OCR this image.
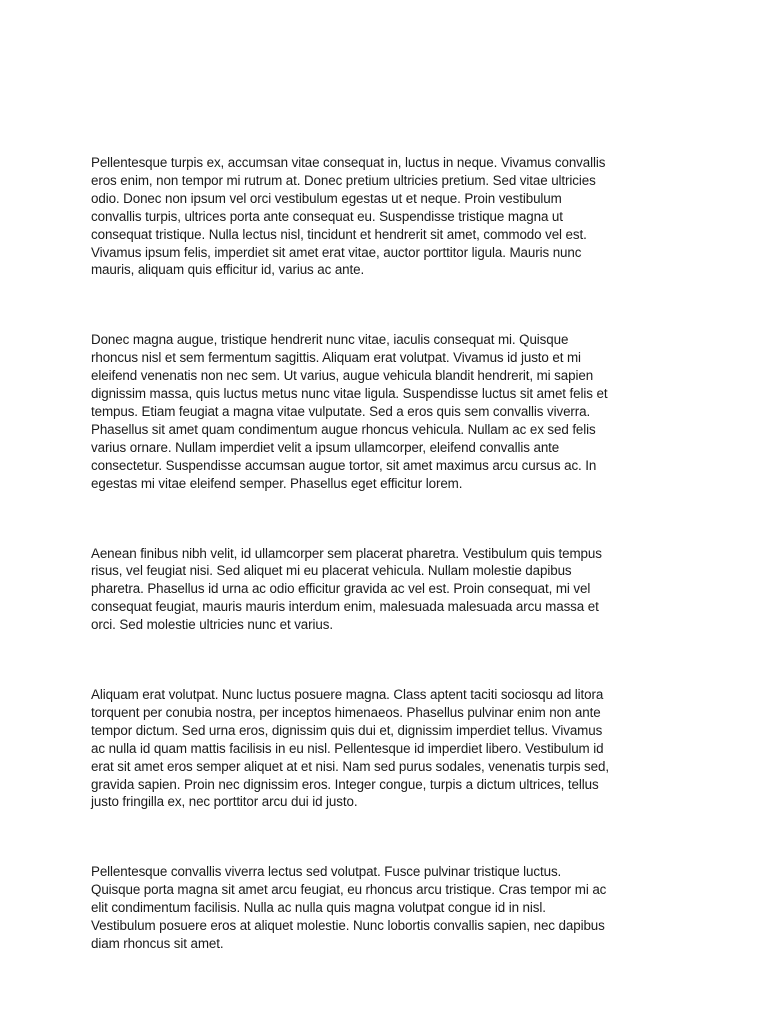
Pellentesque turpis ex, accumsan vitae consequat in, luctus in neque. Vivamus convallis
eros enim, non tempor mi rutrum at. Donec pretium ultricies pretium. Sed vitae ultricies
odio. Donec non ipsum vel orci vestibulum egestas ut et neque. Proin vestibulum
convallis turpis, ultrices porta ante consequat eu. Suspendisse tristique magna ut
consequat tristique. Nulla lectus nisl, tincidunt et hendrerit sit amet, commodo vel est.
Vivamus ipsum felis, imperdiet sit amet erat vitae, auctor porttitor ligula. Mauris nunc
mauris, aliquam quis efficitur id, varius ac ante.

Donec magna augue, tristique hendrerit nunc vitae, iaculis consequat mi. Quisque
rhoncus nisl et sem fermentum sagittis. Aliquam erat volutpat. Vivamus id justo et mi
eleifend venenatis non nec sem. Ut varius, augue vehicula blandit hendrerit, mi sapien
dignissim massa, quis luctus metus nunc vitae ligula. Suspendisse luctus sit amet felis et
tempus. Etiam feugiat a magna vitae vulputate. Sed a eros quis sem convallis viverra.
Phasellus sit amet quam condimentum augue rhoncus vehicula. Nullam ac ex sed felis
varius ornare. Nullam imperdiet velit a ipsum ullamcorper, eleifend convallis ante
consectetur. Suspendisse accumsan augue tortor, sit amet maximus arcu cursus ac. In
egestas mi vitae eleifend semper. Phasellus eget efficitur lorem.

Aenean finibus nibh velit, id ullamcorper sem placerat pharetra. Vestibulum quis tempus
risus, vel feugiat nisi. Sed aliquet mi eu placerat vehicula. Nullam molestie dapibus
pharetra. Phasellus id urna ac odio efficitur gravida ac vel est. Proin consequat, mi vel
consequat feugiat, mauris mauris interdum enim, malesuada malesuada arcu massa et
orci. Sed molestie ultricies nunc et varius.

Aliquam erat volutpat. Nunc luctus posuere magna. Class aptent taciti sociosqu ad litora
torquent per conubia nostra, per inceptos himenaeos. Phasellus pulvinar enim non ante
tempor dictum. Sed urna eros, dignissim quis dui et, dignissim imperdiet tellus. Vivamus
ac nulla id quam mattis facilisis in eu nisl. Pellentesque id imperdiet libero. Vestibulum id
erat sit amet eros semper aliquet at et nisi. Nam sed purus sodales, venenatis turpis sed,
gravida sapien. Proin nec dignissim eros. Integer congue, turpis a dictum ultrices, tellus
justo fringilla ex, nec porttitor arcu dui id justo.

Pellentesque convallis viverra lectus sed volutpat. Fusce pulvinar tristique luctus.
Quisque porta magna sit amet arcu feugiat, eu rhoncus arcu tristique. Cras tempor mi ac
elit condimentum facilisis. Nulla ac nulla quis magna volutpat congue id in nisl.
Vestibulum posuere eros at aliquet molestie. Nunc lobortis convallis sapien, nec dapibus
diam rhoncus sit amet.
